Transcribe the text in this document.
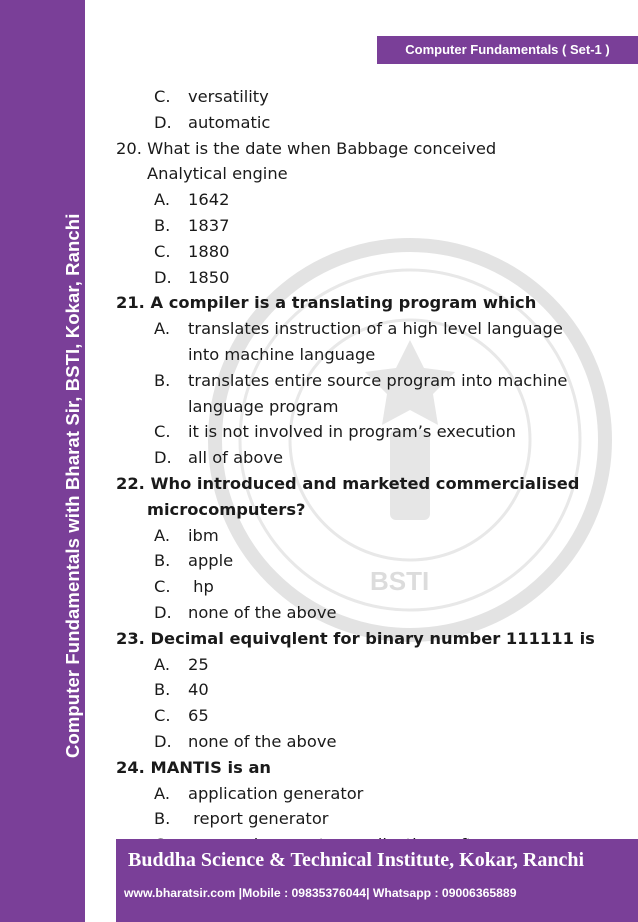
Computer Fundamentals with Bharat Sir, BSTI, Kokar, Ranchi	BSTI
Computer Fundamentals ( Set-1 )
C. versatility
D. automatic
20. What is the date when Babbage conceived
Analytical engine
A. 1642
B. 1837
C. 1880
D. 1850
21. A compiler is a translating program which
A. translates instruction of a high level language
into machine language
B. translates entire source program into machine
language program
C. it is not involved in program’s execution
D. all of above
22. Who introduced and marketed commercialised
microcomputers?
A. ibm
B. apple
C. hp
D. none of the above
23. Decimal equivqlent for binary number 111111 is
A. 25
B. 40
C. 65
D. none of the above
24. MANTIS is an
A. application generator
B. report generator
Buddha Science & Technical Institute, Kokar, Ranchi
www.bharatsir.com |Mobile : 09835376044| Whatsapp : 09006365889
